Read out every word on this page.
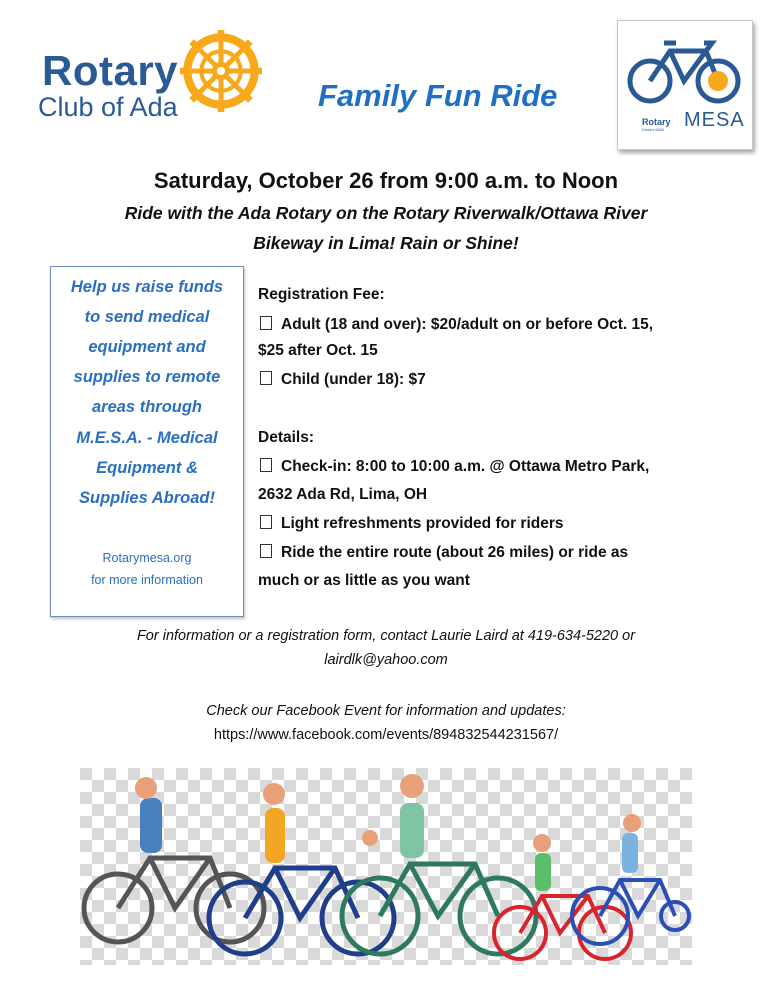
Rotary
Club of Ada	Family Fun Ride
Rotary
District 6600 MESA
Saturday, October 26 from 9:00 a.m. to Noon
Ride with the Ada Rotary on the Rotary Riverwalk/Ottawa River
Bikeway in Lima! Rain or Shine!
Help us raise funds
to send medical
equipment and
supplies to remote
areas through
M.E.S.A. - Medical
Equipment &
Supplies Abroad!
Rotarymesa.org
for more information
Registration Fee:
Adult (18 and over): $20/adult on or before Oct. 15,
$25 after Oct. 15
Child (under 18): $7
Details:
Check-in: 8:00 to 10:00 a.m. @ Ottawa Metro Park,
2632 Ada Rd, Lima, OH
Light refreshments provided for riders
Ride the entire route (about 26 miles) or ride as
much or as little as you want
For information or a registration form, contact Laurie Laird at 419-634-5220 or
lairdlk@yahoo.com
Check our Facebook Event for information and updates:
https://www.facebook.com/events/894832544231567/
